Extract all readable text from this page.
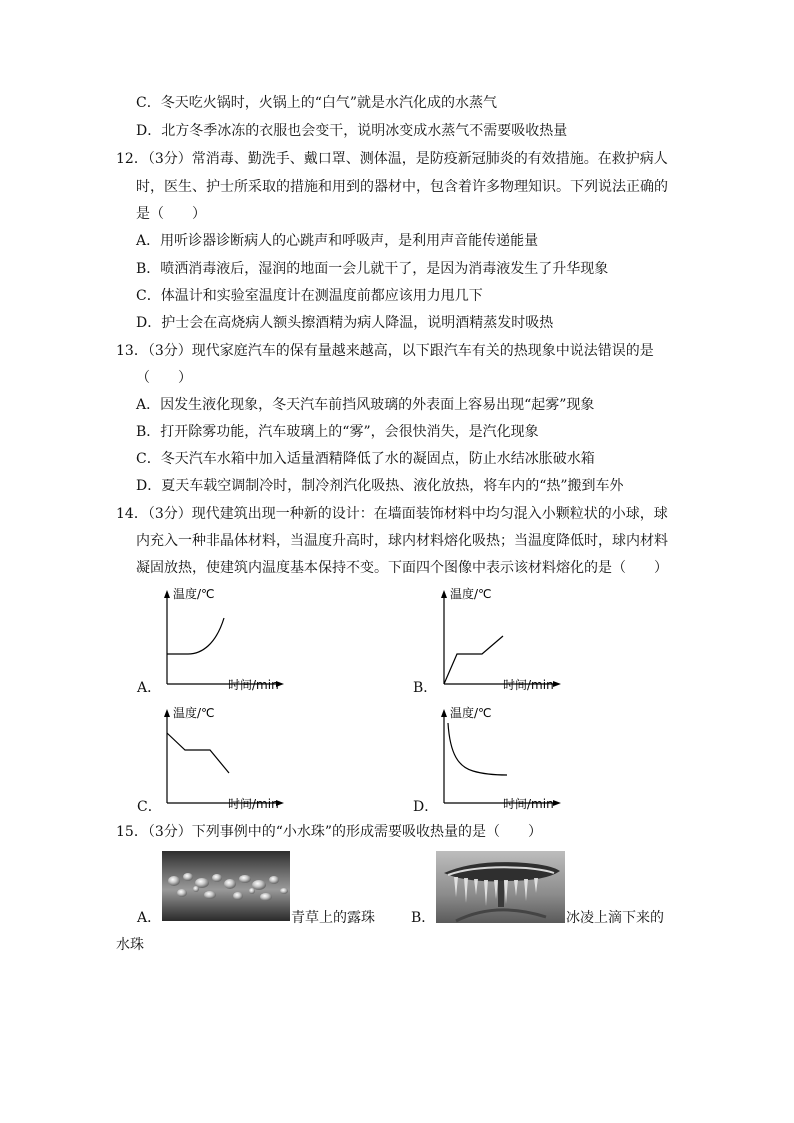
C．冬天吃火锅时，火锅上的“白气”就是水汽化成的水蒸气
D．北方冬季冰冻的衣服也会变干，说明冰变成水蒸气不需要吸收热量
12．（3分）常消毒、勤洗手、戴口罩、测体温，是防疫新冠肺炎的有效措施。在救护病人
时，医生、护士所采取的措施和用到的器材中，包含着许多物理知识。下列说法正确的
是（　　）
A．用听诊器诊断病人的心跳声和呼吸声，是利用声音能传递能量
B．喷洒消毒液后，湿润的地面一会儿就干了，是因为消毒液发生了升华现象
C．体温计和实验室温度计在测温度前都应该用力甩几下
D．护士会在高烧病人额头擦酒精为病人降温，说明酒精蒸发时吸热
13．（3分）现代家庭汽车的保有量越来越高，以下跟汽车有关的热现象中说法错误的是
（　　）
A．因发生液化现象，冬天汽车前挡风玻璃的外表面上容易出现“起雾”现象
B．打开除雾功能，汽车玻璃上的“雾”，会很快消失，是汽化现象
C．冬天汽车水箱中加入适量酒精降低了水的凝固点，防止水结冰胀破水箱
D．夏天车载空调制冷时，制冷剂汽化吸热、液化放热，将车内的“热”搬到车外
14．（3分）现代建筑出现一种新的设计：在墙面装饰材料中均匀混入小颗粒状的小球，球
内充入一种非晶体材料，当温度升高时，球内材料熔化吸热；当温度降低时，球内材料
凝固放热，使建筑内温度基本保持不变。下面四个图像中表示该材料熔化的是（　　）
温度/℃
时间/min
A．
温度/℃
时间/min
B．
温度/℃
时间/min
C．
温度/℃
时间/min
D．
15．（3分）下列事例中的“小水珠”的形成需要吸收热量的是（　　）
A．	青草上的露珠	B．	冰凌上滴下来的
水珠
